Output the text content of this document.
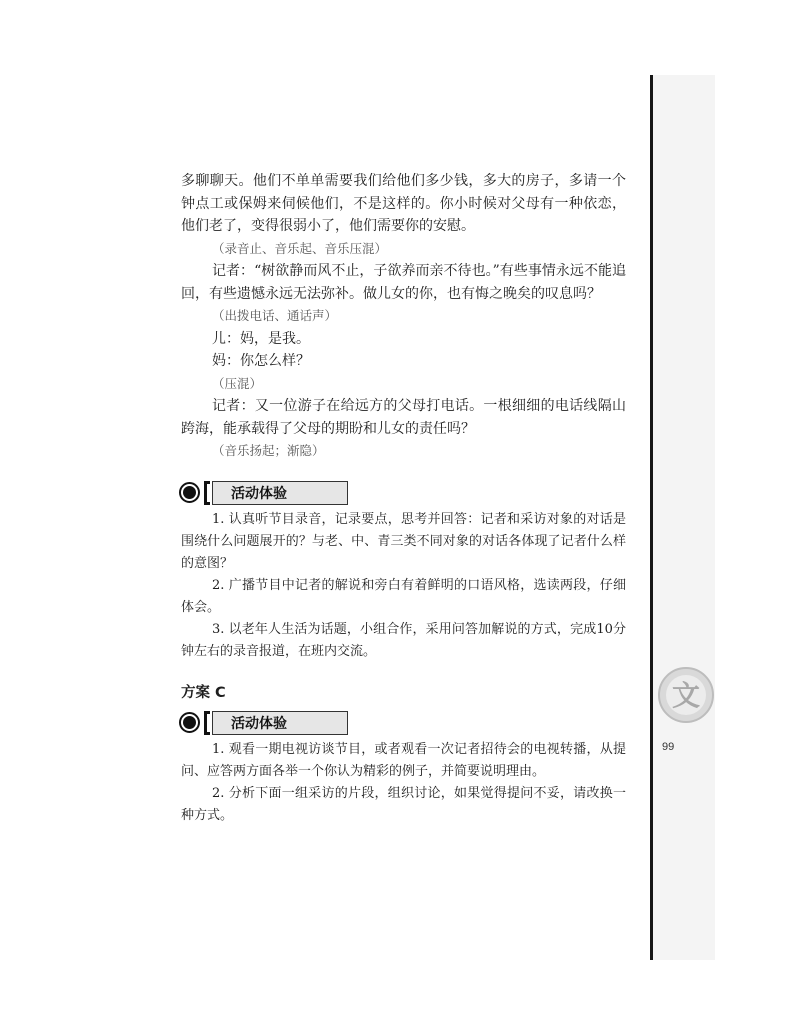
多聊聊天。他们不单单需要我们给他们多少钱，多大的房子，多请一个钟点工或保姆来伺候他们，不是这样的。你小时候对父母有一种依恋，他们老了，变得很弱小了，他们需要你的安慰。

（录音止、音乐起、音乐压混）

记者：“树欲静而风不止，子欲养而亲不待也。”有些事情永远不能追回，有些遗憾永远无法弥补。做儿女的你，也有悔之晚矣的叹息吗？

（出拨电话、通话声）

儿：妈，是我。

妈：你怎么样？

（压混）

记者：又一位游子在给远方的父母打电话。一根细细的电话线隔山跨海，能承载得了父母的期盼和儿女的责任吗？

（音乐扬起；渐隐）

活动体验

1. 认真听节目录音，记录要点，思考并回答：记者和采访对象的对话是围绕什么问题展开的？与老、中、青三类不同对象的对话各体现了记者什么样的意图？

2. 广播节目中记者的解说和旁白有着鲜明的口语风格，选读两段，仔细体会。

3. 以老年人生活为话题，小组合作，采用问答加解说的方式，完成10分钟左右的录音报道，在班内交流。

方案 C
活动体验

1. 观看一期电视访谈节目，或者观看一次记者招待会的电视转播，从提问、应答两方面各举一个你认为精彩的例子，并简要说明理由。

2. 分析下面一组采访的片段，组织讨论，如果觉得提问不妥，请改换一种方式。

文
99
